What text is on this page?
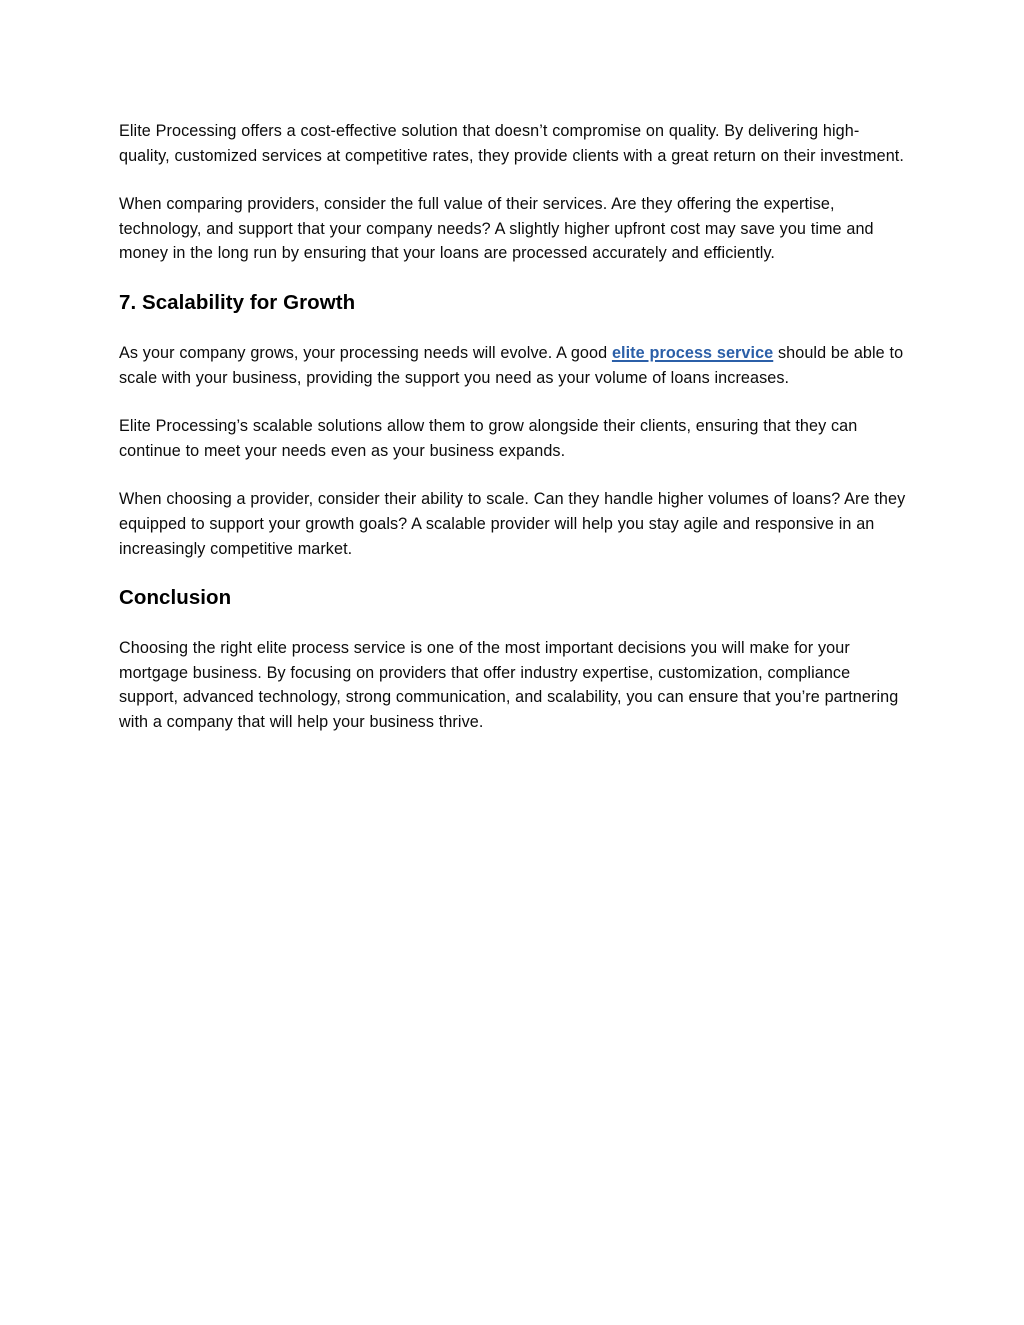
Elite Processing offers a cost-effective solution that doesn’t compromise on quality. By delivering high-quality, customized services at competitive rates, they provide clients with a great return on their investment.

When comparing providers, consider the full value of their services. Are they offering the expertise, technology, and support that your company needs? A slightly higher upfront cost may save you time and money in the long run by ensuring that your loans are processed accurately and efficiently.

7. Scalability for Growth

As your company grows, your processing needs will evolve. A good elite process service should be able to scale with your business, providing the support you need as your volume of loans increases.

Elite Processing’s scalable solutions allow them to grow alongside their clients, ensuring that they can continue to meet your needs even as your business expands.

When choosing a provider, consider their ability to scale. Can they handle higher volumes of loans? Are they equipped to support your growth goals? A scalable provider will help you stay agile and responsive in an increasingly competitive market.

Conclusion

Choosing the right elite process service is one of the most important decisions you will make for your mortgage business. By focusing on providers that offer industry expertise, customization, compliance support, advanced technology, strong communication, and scalability, you can ensure that you’re partnering with a company that will help your business thrive.
